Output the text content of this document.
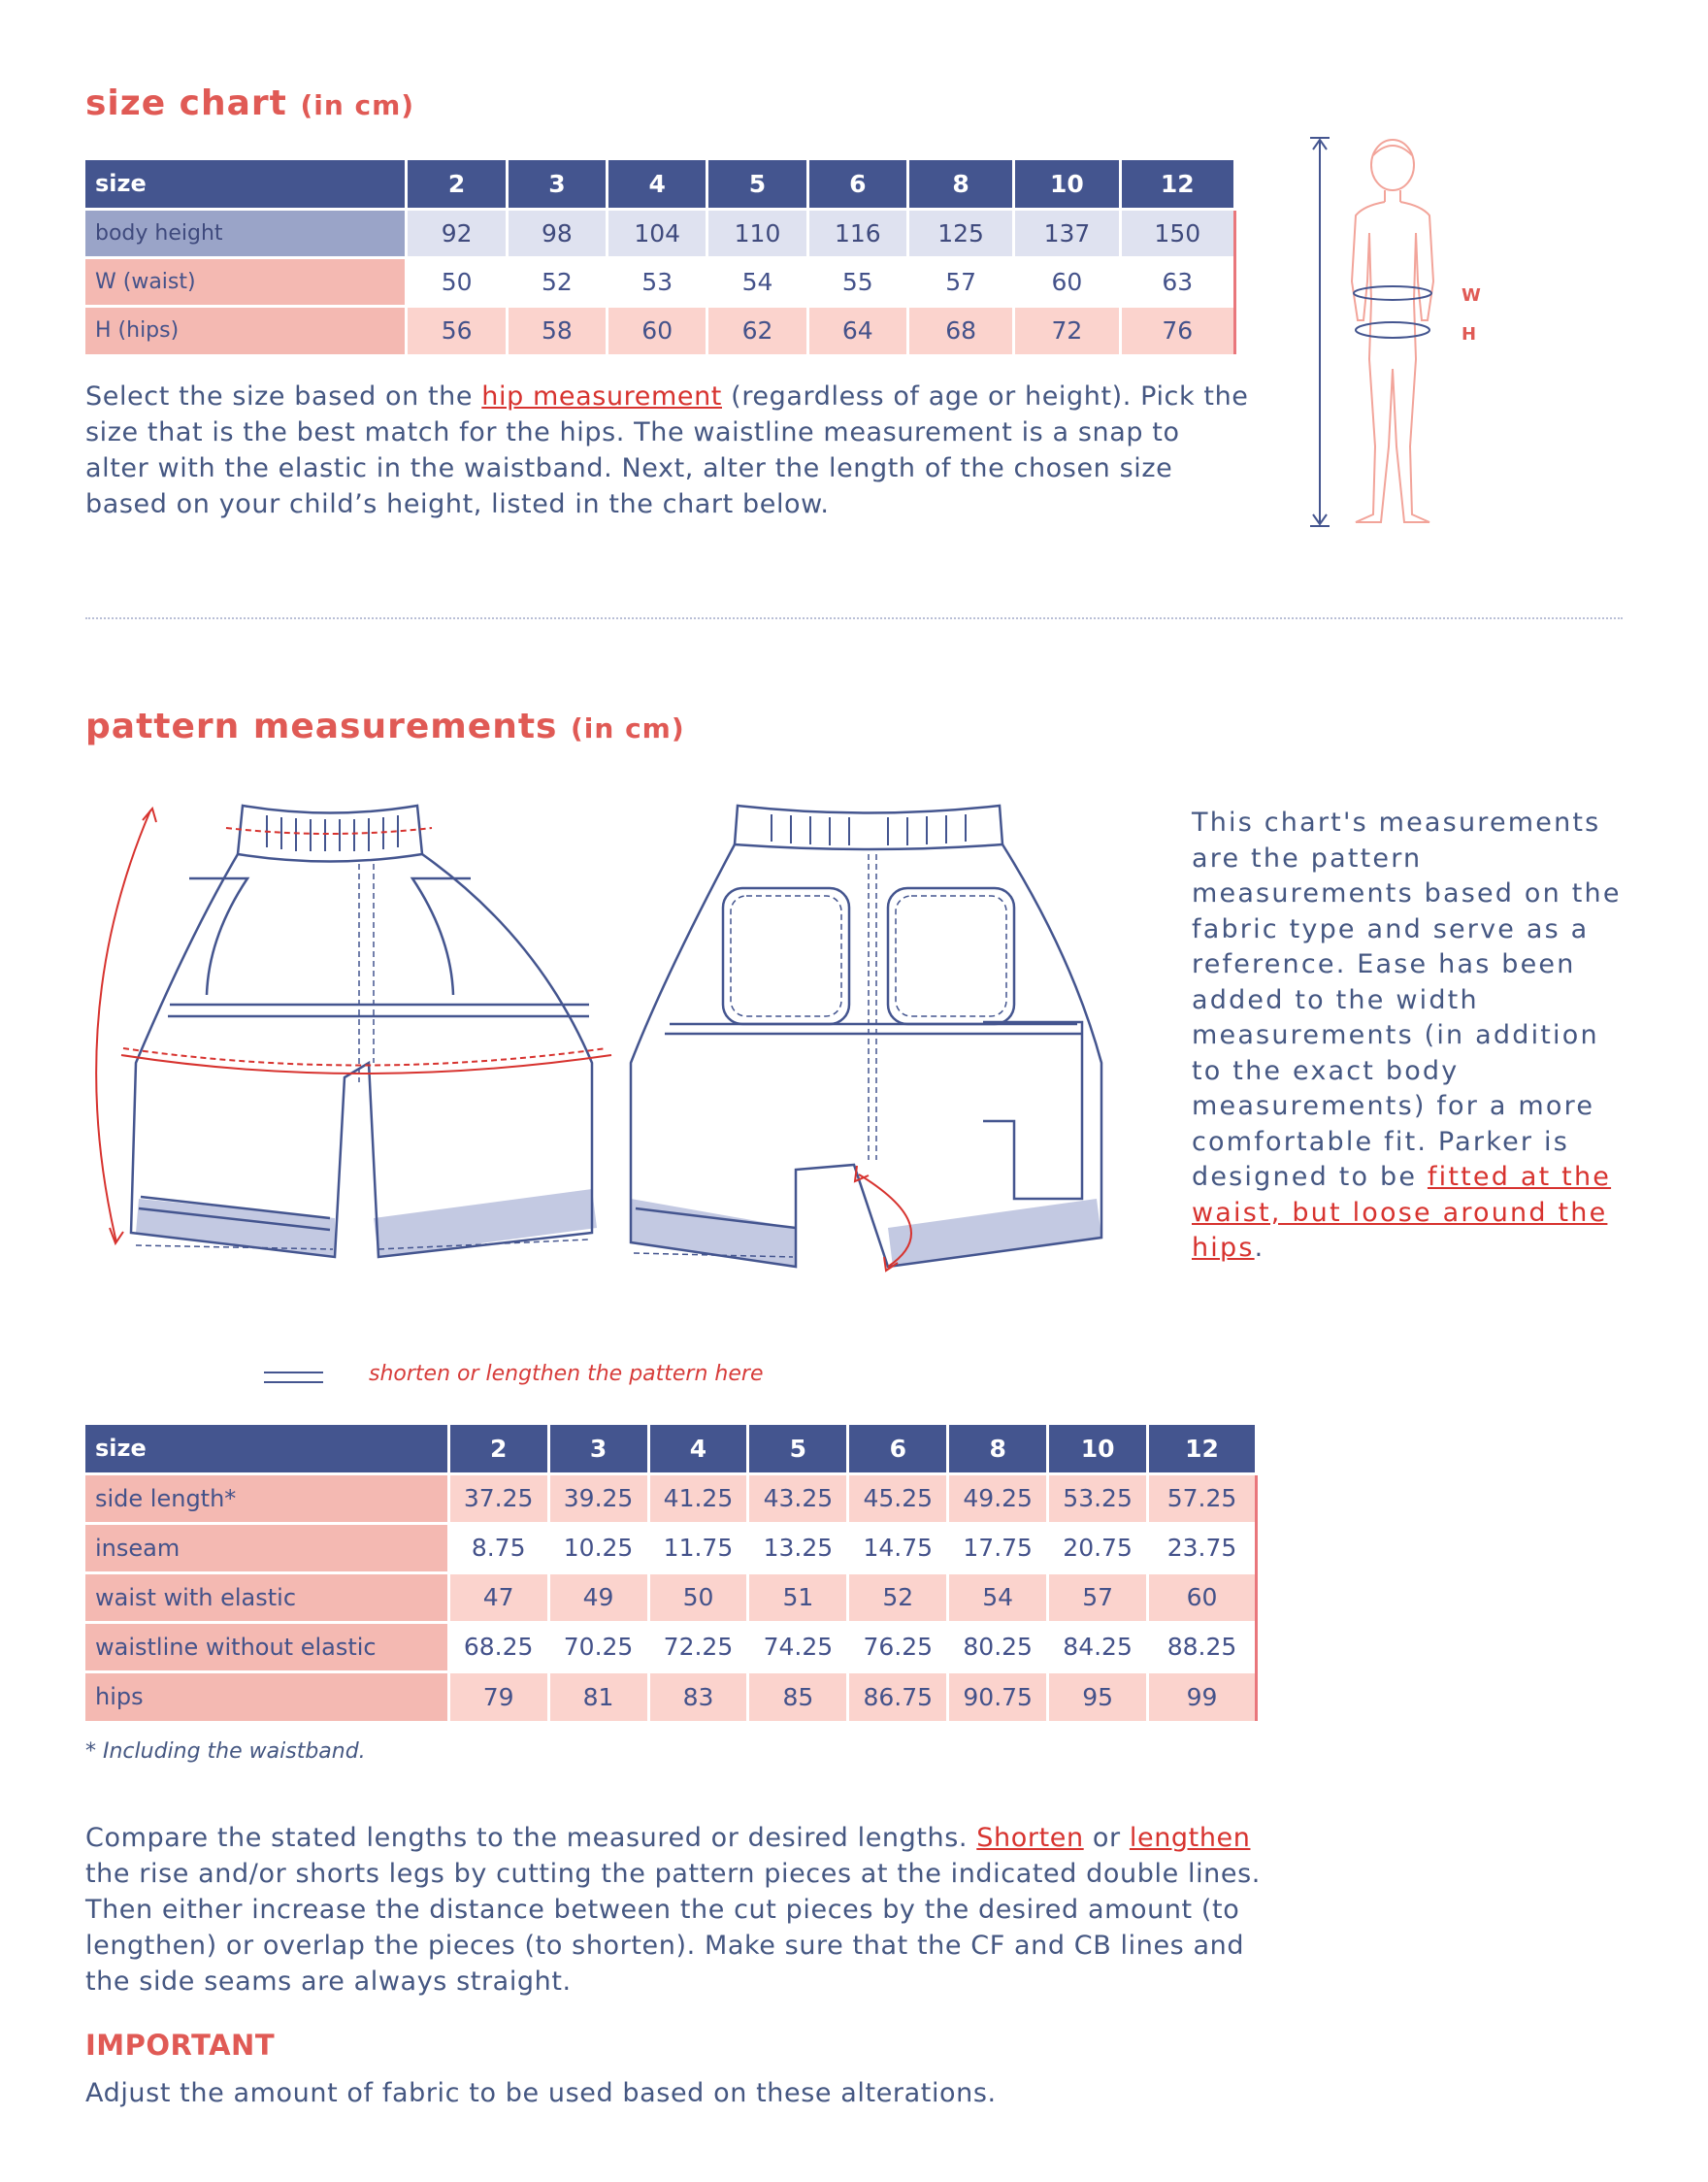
size chart (in cm)
size	2	3	4	5	6	8	10	12
body height	92	98	104	110	116	125	137	150
W (waist)	50	52	53	54	55	57	60	63
H (hips)	56	58	60	62	64	68	72	76
Select the size based on the hip measurement (regardless of age or height). Pick the size that is the best match for the hips. The waistline measurement is a snap to alter with the elastic in the waistband. Next, alter the length of the chosen size based on your child’s height, listed in the chart below.
W
H
pattern measurements (in cm)
This chart's measurements are the pattern measurements based on the fabric type and serve as a reference. Ease has been added to the width measurements (in addition to the exact body measurements) for a more comfortable fit. Parker is designed to be fitted at the waist, but loose around the hips.
shorten or lengthen the pattern here
size	2	3	4	5	6	8	10	12
side length*	37.25	39.25	41.25	43.25	45.25	49.25	53.25	57.25
inseam	8.75	10.25	11.75	13.25	14.75	17.75	20.75	23.75
waist with elastic	47	49	50	51	52	54	57	60
waistline without elastic	68.25	70.25	72.25	74.25	76.25	80.25	84.25	88.25
hips	79	81	83	85	86.75	90.75	95	99
* Including the waistband.
Compare the stated lengths to the measured or desired lengths. Shorten or lengthen the rise and/or shorts legs by cutting the pattern pieces at the indicated double lines. Then either increase the distance between the cut pieces by the desired amount (to lengthen) or overlap the pieces (to shorten). Make sure that the CF and CB lines and the side seams are always straight.
IMPORTANT
Adjust the amount of fabric to be used based on these alterations.
